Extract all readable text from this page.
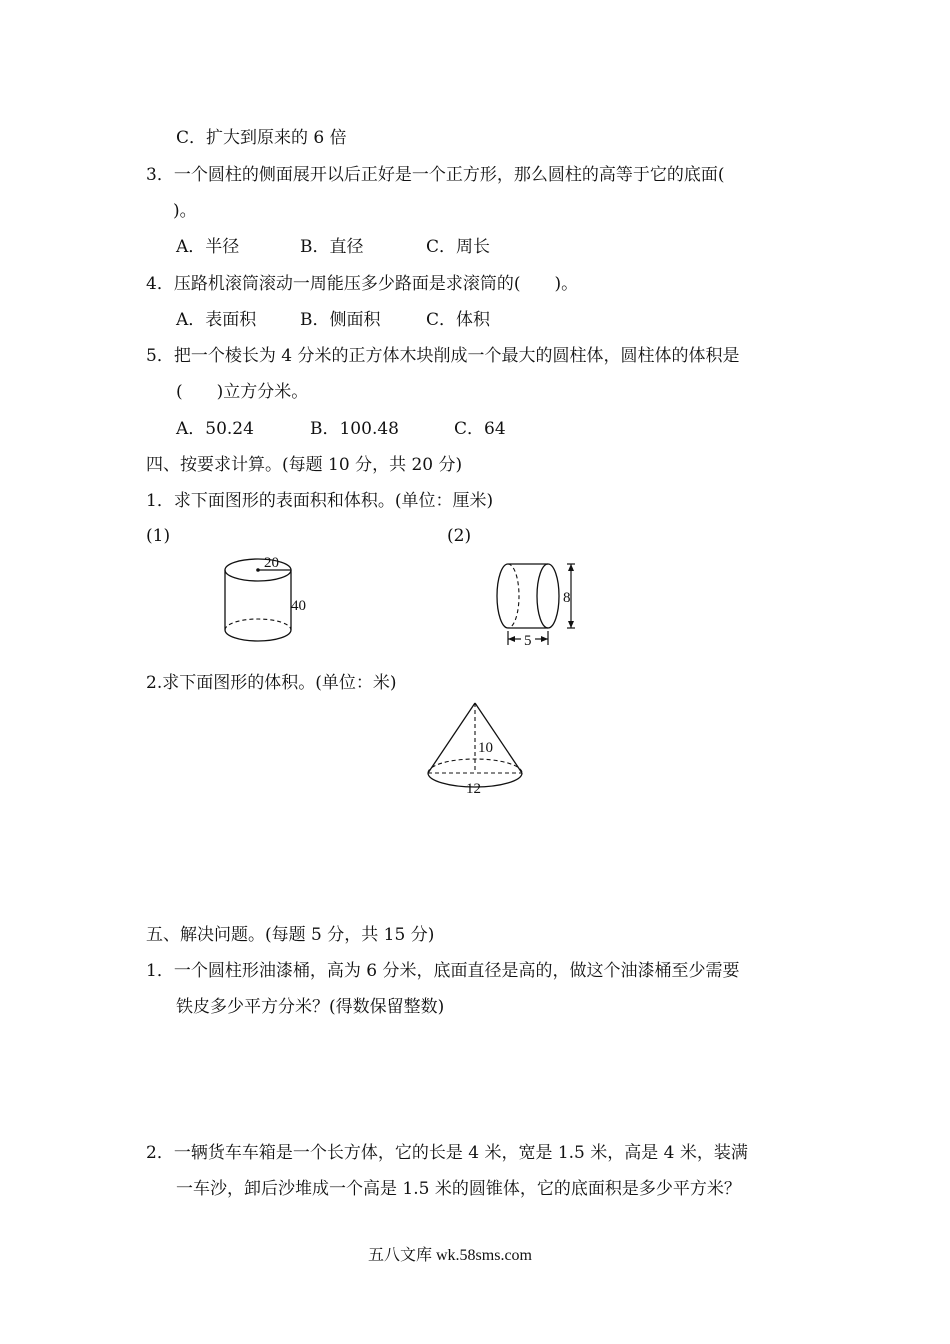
C．扩大到原来的 6 倍
3．一个圆柱的侧面展开以后正好是一个正方形，那么圆柱的高等于它的底面(
)。
A．半径	B．直径	C．周长
4．压路机滚筒滚动一周能压多少路面是求滚筒的(　　)。
A．表面积	B．侧面积	C．体积
5．把一个棱长为 4 分米的正方体木块削成一个最大的圆柱体，圆柱体的体积是
(　　)立方分米。
A．50.24	B．100.48	C．64
四、按要求计算。(每题 10 分，共 20 分)
1．求下面图形的表面积和体积。(单位：厘米)
(1)	(2)
20
40	8
5
2.求下面图形的体积。(单位：米)
10
12
五、解决问题。(每题 5 分，共 15 分)
1．一个圆柱形油漆桶，高为 6 分米，底面直径是高的，做这个油漆桶至少需要
铁皮多少平方分米？(得数保留整数)
2．一辆货车车箱是一个长方体，它的长是 4 米，宽是 1.5 米，高是 4 米，装满
一车沙，卸后沙堆成一个高是 1.5 米的圆锥体，它的底面积是多少平方米？
五八文库 wk.58sms.com
